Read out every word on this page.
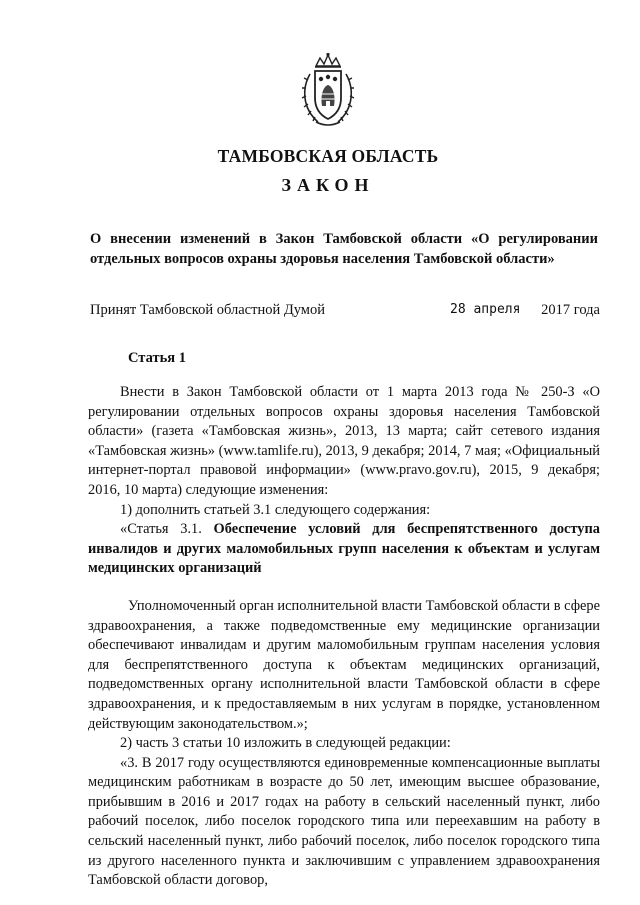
ТАМБОВСКАЯ ОБЛАСТЬ
ЗАКОН
О внесении изменений в Закон Тамбовской области «О регулировании отдельных вопросов охраны здоровья населения Тамбовской области»
Принят Тамбовской областной Думой	28 апреля 2017 года
Статья 1

Внести в Закон Тамбовской области от 1 марта 2013 года № 250-З «О регулировании отдельных вопросов охраны здоровья населения Тамбовской области» (газета «Тамбовская жизнь», 2013, 13 марта; сайт сетевого издания «Тамбовская жизнь» (www.tamlife.ru), 2013, 9 декабря; 2014, 7 мая; «Официальный интернет-портал правовой информации» (www.pravo.gov.ru), 2015, 9 декабря; 2016, 10 марта) следующие изменения:

1) дополнить статьей 3.1 следующего содержания:

«Статья 3.1. Обеспечение условий для беспрепятственного доступа инвалидов и других маломобильных групп населения к объектам и услугам медицинских организаций

Уполномоченный орган исполнительной власти Тамбовской области в сфере здравоохранения, а также подведомственные ему медицинские организации обеспечивают инвалидам и другим маломобильным группам населения условия для беспрепятственного доступа к объектам медицинских организаций, подведомственных органу исполнительной власти Тамбовской области в сфере здравоохранения, и к предоставляемым в них услугам в порядке, установленном действующим законодательством.»;

2) часть 3 статьи 10 изложить в следующей редакции:

«3. В 2017 году осуществляются единовременные компенсационные выплаты медицинским работникам в возрасте до 50 лет, имеющим высшее образование, прибывшим в 2016 и 2017 годах на работу в сельский населенный пункт, либо рабочий поселок, либо поселок городского типа или переехавшим на работу в сельский населенный пункт, либо рабочий поселок, либо поселок городского типа из другого населенного пункта и заключившим с управлением здравоохранения Тамбовской области договор,
